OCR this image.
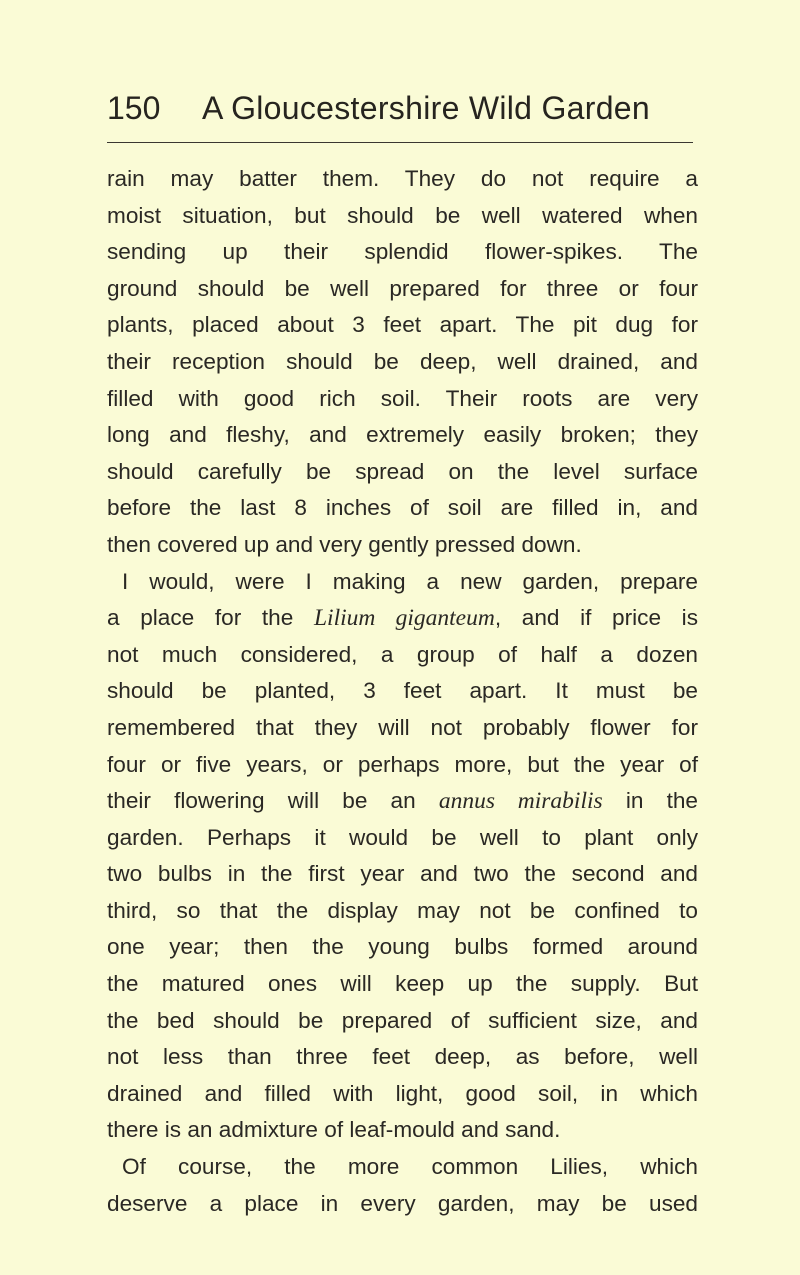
150 A Gloucestershire Wild Garden
rain may batter them. They do not require a
moist situation, but should be well watered when
sending up their splendid flower-spikes. The
ground should be well prepared for three or four
plants, placed about 3 feet apart. The pit dug for
their reception should be deep, well drained, and
filled with good rich soil. Their roots are very
long and fleshy, and extremely easily broken; they
should carefully be spread on the level surface
before the last 8 inches of soil are filled in, and
then covered up and very gently pressed down.
I would, were I making a new garden, prepare
a place for the Lilium giganteum, and if price is
not much considered, a group of half a dozen
should be planted, 3 feet apart. It must be
remembered that they will not probably flower for
four or five years, or perhaps more, but the year of
their flowering will be an annus mirabilis in the
garden. Perhaps it would be well to plant only
two bulbs in the first year and two the second and
third, so that the display may not be confined to
one year; then the young bulbs formed around
the matured ones will keep up the supply. But
the bed should be prepared of sufficient size, and
not less than three feet deep, as before, well
drained and filled with light, good soil, in which
there is an admixture of leaf-mould and sand.
Of course, the more common Lilies, which
deserve a place in every garden, may be used
